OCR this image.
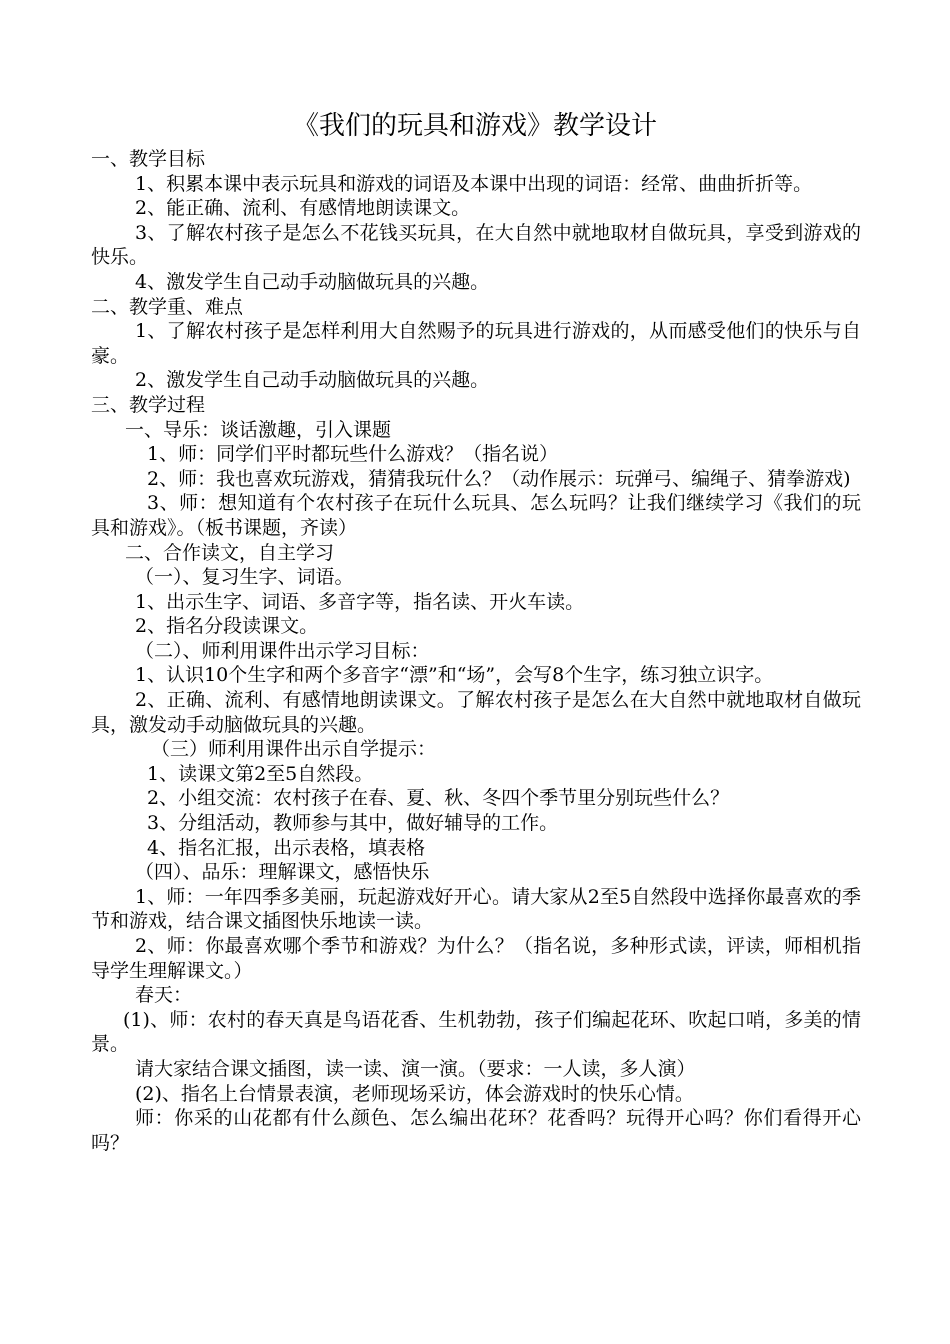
《我们的玩具和游戏》教学设计

一、教学目标

1、积累本课中表示玩具和游戏的词语及本课中出现的词语：经常、曲曲折折等。

2、能正确、流利、有感情地朗读课文。

3、了解农村孩子是怎么不花钱买玩具，在大自然中就地取材自做玩具，享受到游戏的快乐。

4、激发学生自己动手动脑做玩具的兴趣。

二、教学重、难点

1、了解农村孩子是怎样利用大自然赐予的玩具进行游戏的，从而感受他们的快乐与自豪。

2、激发学生自己动手动脑做玩具的兴趣。

三、教学过程

一、导乐：谈话激趣，引入课题

1、师：同学们平时都玩些什么游戏？（指名说）

2、师：我也喜欢玩游戏，猜猜我玩什么？（动作展示：玩弹弓、编绳子、猜拳游戏)

3、师：想知道有个农村孩子在玩什么玩具、怎么玩吗？让我们继续学习《我们的玩具和游戏》。（板书课题，齐读）

二、合作读文，自主学习

（一）、复习生字、词语。

1、出示生字、词语、多音字等，指名读、开火车读。

2、指名分段读课文。

（二）、师利用课件出示学习目标：

1、认识10个生字和两个多音字“漂”和“场”，会写8个生字，练习独立识字。

2、正确、流利、有感情地朗读课文。了解农村孩子是怎么在大自然中就地取材自做玩具，激发动手动脑做玩具的兴趣。

（三）师利用课件出示自学提示：

1、读课文第2至5自然段。

2、小组交流：农村孩子在春、夏、秋、冬四个季节里分别玩些什么？

3、分组活动，教师参与其中，做好辅导的工作。

4、指名汇报，出示表格，填表格

（四）、品乐：理解课文，感悟快乐

1、师：一年四季多美丽，玩起游戏好开心。请大家从2至5自然段中选择你最喜欢的季节和游戏，结合课文插图快乐地读一读。

2、师：你最喜欢哪个季节和游戏？为什么？（指名说，多种形式读，评读，师相机指导学生理解课文。）

春天：

(1)、师：农村的春天真是鸟语花香、生机勃勃，孩子们编起花环、吹起口哨，多美的情景。

请大家结合课文插图，读一读、演一演。（要求：一人读，多人演）

(2)、指名上台情景表演，老师现场采访，体会游戏时的快乐心情。

师：你采的山花都有什么颜色、怎么编出花环？花香吗？玩得开心吗？你们看得开心吗？
